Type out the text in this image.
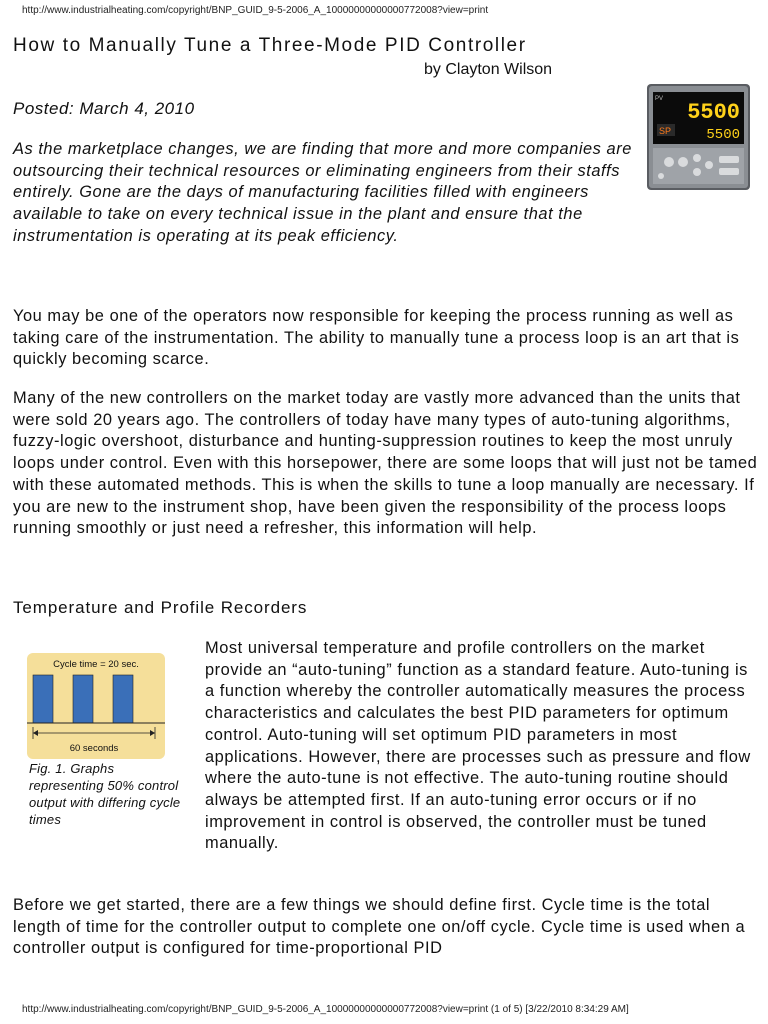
http://www.industrialheating.com/copyright/BNP_GUID_9-5-2006_A_10000000000000772008?view=print
How to Manually Tune a Three-Mode PID Controller
by Clayton Wilson
Posted: March 4, 2010

As the marketplace changes, we are finding that more and more companies are outsourcing their technical resources or eliminating engineers from their staffs entirely. Gone are the days of manufacturing facilities filled with engineers available to take on every technical issue in the plant and ensure that the instrumentation is operating at its peak efficiency.

PV
5500
SP	5500

You may be one of the operators now responsible for keeping the process running as well as taking care of the instrumentation. The ability to manually tune a process loop is an art that is quickly becoming scarce.

Many of the new controllers on the market today are vastly more advanced than the units that were sold 20 years ago. The controllers of today have many types of auto-tuning algorithms, fuzzy-logic overshoot, disturbance and hunting-suppression routines to keep the most unruly loops under control. Even with this horsepower, there are some loops that will just not be tamed with these automated methods. This is when the skills to tune a loop manually are necessary. If you are new to the instrument shop, have been given the responsibility of the process loops running smoothly or just need a refresher, this information will help.

Temperature and Profile Recorders

Most universal temperature and profile controllers on the market provide an “auto-tuning” function as a standard feature. Auto-tuning is a function whereby the controller automatically measures the process characteristics and calculates the best PID parameters for optimum control. Auto-tuning will set optimum PID parameters in most applications. However, there are processes such as pressure and flow where the auto-tune is not effective. The auto-tuning routine should always be attempted first. If an auto-tuning error occurs or if no improvement in control is observed, the controller must be tuned manually.

Cycle time = 20 sec.
60 seconds
Fig. 1. Graphs representing 50% control output with differing cycle times

Before we get started, there are a few things we should define first. Cycle time is the total length of time for the controller output to complete one on/off cycle. Cycle time is used when a controller output is configured for time-proportional PID

http://www.industrialheating.com/copyright/BNP_GUID_9-5-2006_A_10000000000000772008?view=print (1 of 5) [3/22/2010 8:34:29 AM]
